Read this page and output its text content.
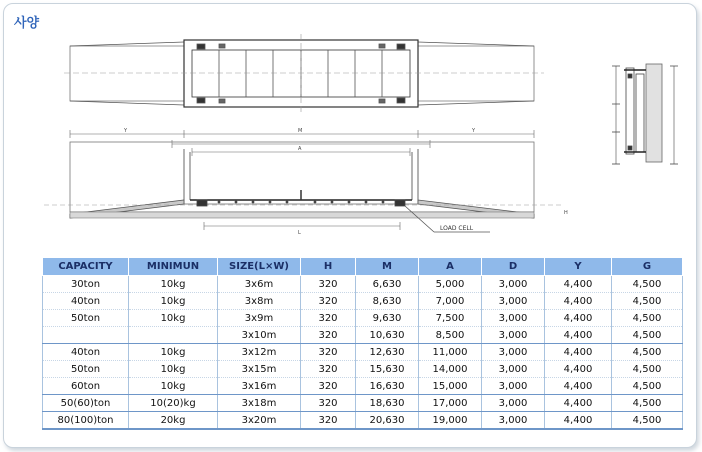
사양
Y	M	Y
A
L
H
LOAD CELL
CAPACITY	MINIMUN	SIZE(L×W)	H	M	A	D	Y	G
30ton	10kg	3x6m	320	6,630	5,000	3,000	4,400	4,500
40ton	10kg	3x8m	320	8,630	7,000	3,000	4,400	4,500
50ton	10kg	3x9m	320	9,630	7,500	3,000	4,400	4,500
		3x10m	320	10,630	8,500	3,000	4,400	4,500
40ton	10kg	3x12m	320	12,630	11,000	3,000	4,400	4,500
50ton	10kg	3x15m	320	15,630	14,000	3,000	4,400	4,500
60ton	10kg	3x16m	320	16,630	15,000	3,000	4,400	4,500
50(60)ton	10(20)kg	3x18m	320	18,630	17,000	3,000	4,400	4,500
80(100)ton	20kg	3x20m	320	20,630	19,000	3,000	4,400	4,500
